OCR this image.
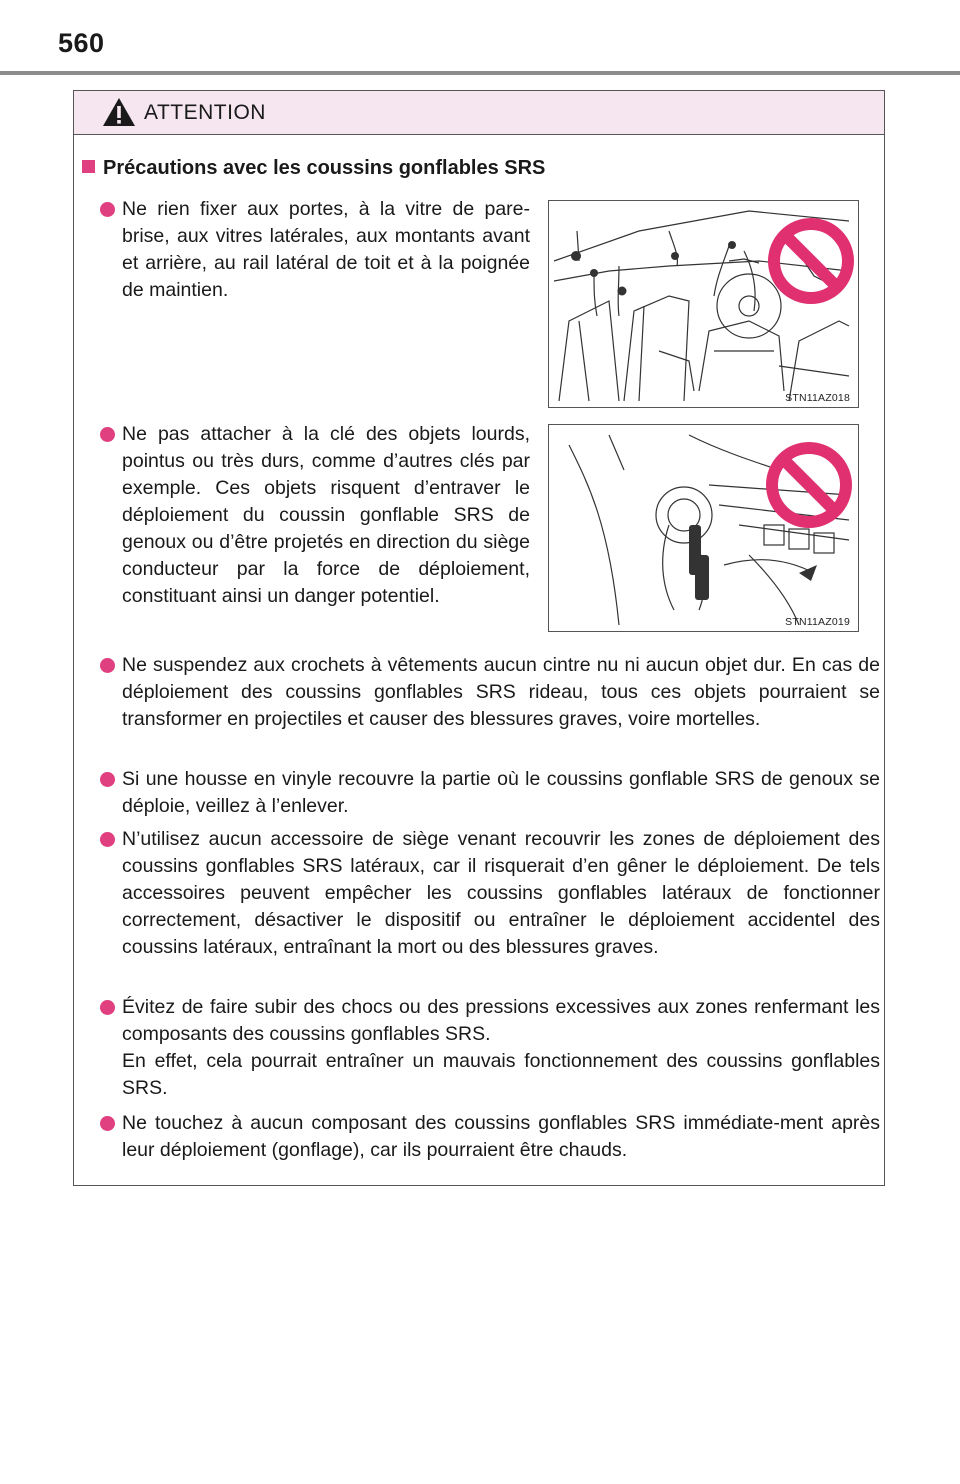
560
ATTENTION
Précautions avec les coussins gonflables SRS
Ne rien fixer aux portes, à la vitre de pare-brise, aux vitres latérales, aux montants avant et arrière, au rail latéral de toit et à la poignée de maintien.
STN11AZ018
Ne pas attacher à la clé des objets lourds, pointus ou très durs, comme d’autres clés par exemple. Ces objets risquent d’entraver le déploiement du coussin gonflable SRS de genoux ou d’être projetés en direction du siège conducteur par la force de déploiement, constituant ainsi un danger potentiel.
STN11AZ019
Ne suspendez aux crochets à vêtements aucun cintre nu ni aucun objet dur. En cas de déploiement des coussins gonflables SRS rideau, tous ces objets pourraient se transformer en projectiles et causer des blessures graves, voire mortelles.
Si une housse en vinyle recouvre la partie où le coussins gonflable SRS de genoux se déploie, veillez à l’enlever.
N’utilisez aucun accessoire de siège venant recouvrir les zones de déploiement des coussins gonflables SRS latéraux, car il risquerait d’en gêner le déploiement. De tels accessoires peuvent empêcher les coussins gonflables latéraux de fonctionner correctement, désactiver le dispositif ou entraîner le déploiement accidentel des coussins latéraux, entraînant la mort ou des blessures graves.
Évitez de faire subir des chocs ou des pressions excessives aux zones renfermant les composants des coussins gonflables SRS.
En effet, cela pourrait entraîner un mauvais fonctionnement des coussins gonflables SRS.
Ne touchez à aucun composant des coussins gonflables SRS immédiate-ment après leur déploiement (gonflage), car ils pourraient être chauds.
